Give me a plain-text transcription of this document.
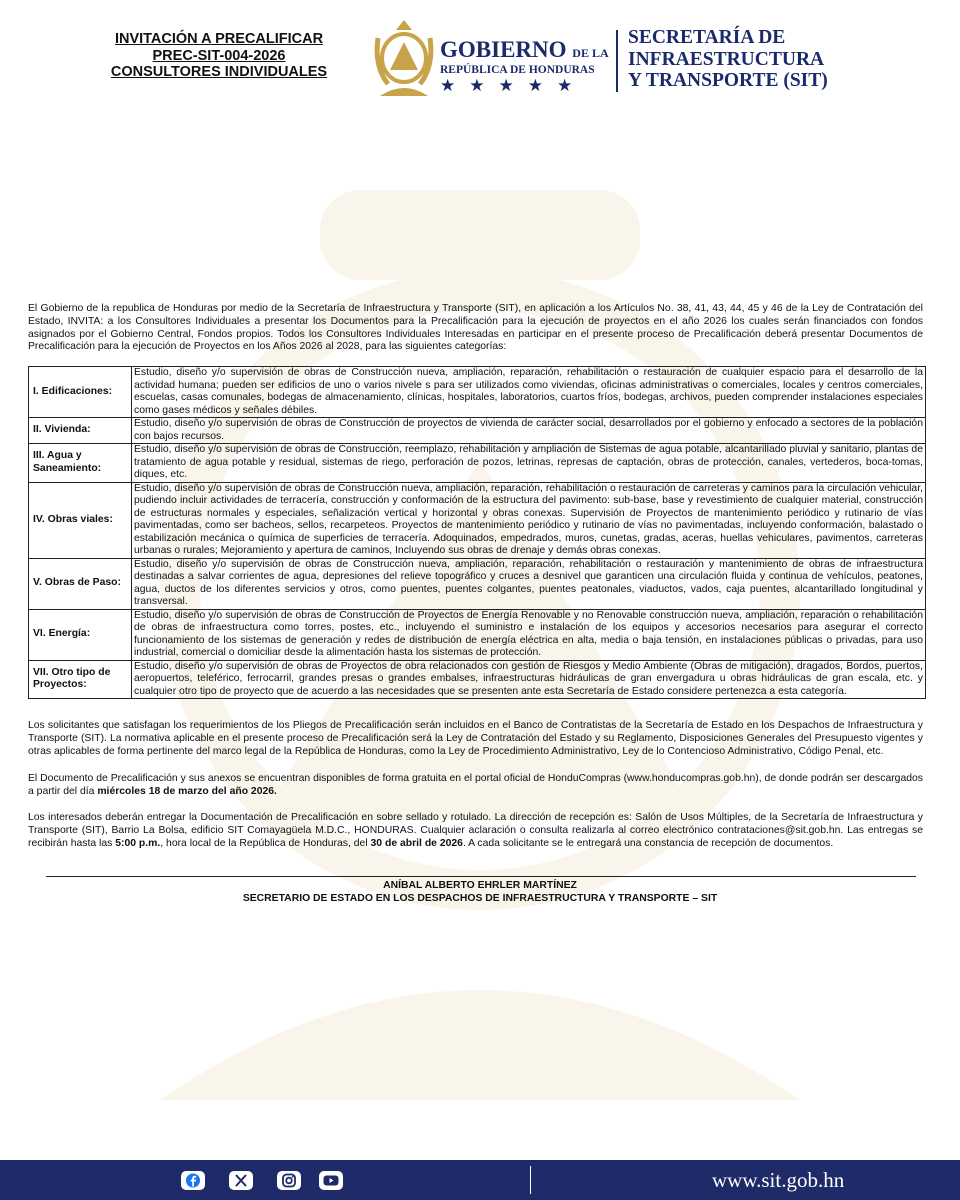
INVITACIÓN A PRECALIFICAR
PREC-SIT-004-2026
CONSULTORES INDIVIDUALES
GOBIERNO DE LA
REPÚBLICA DE HONDURAS
★★★★★
SECRETARÍA DE
INFRAESTRUCTURA
Y TRANSPORTE (SIT)
El Gobierno de la republica de Honduras por medio de la Secretaría de Infraestructura y Transporte (SIT), en aplicación a los Artículos No. 38, 41, 43, 44, 45 y 46 de la Ley de Contratación del Estado, INVITA: a los Consultores Individuales a presentar los Documentos para la Precalificación para la ejecución de proyectos en el año 2026 los cuales serán financiados con fondos asignados por el Gobierno Central, Fondos propios. Todos los Consultores Individuales Interesadas en participar en el presente proceso de Precalificación deberá presentar Documentos de Precalificación para la ejecución de Proyectos en los Años 2026 al 2028, para las siguientes categorías:
I. Edificaciones:	Estudio, diseño y/o supervisión de obras de Construcción nueva, ampliación, reparación, rehabilitación o restauración de cualquier espacio para el desarrollo de la actividad humana; pueden ser edificios de uno o varios nivele s para ser utilizados como viviendas, oficinas administrativas o comerciales, locales y centros comerciales, escuelas, casas comunales, bodegas de almacenamiento, clínicas, hospitales, laboratorios, cuartos fríos, bodegas, archivos, pueden comprender instalaciones especiales como gases médicos y señales débiles.
II. Vivienda:	Estudio, diseño y/o supervisión de obras de Construcción de proyectos de vivienda de carácter social, desarrollados por el gobierno y enfocado a sectores de la población con bajos recursos.
III. Agua y Saneamiento:	Estudio, diseño y/o supervisión de obras de Construcción, reemplazo, rehabilitación y ampliación de Sistemas de agua potable, alcantarillado pluvial y sanitario, plantas de tratamiento de agua potable y residual, sistemas de riego, perforación de pozos, letrinas, represas de captación, obras de protección, canales, vertederos, boca-tomas, diques, etc.
IV. Obras viales:	Estudio, diseño y/o supervisión de obras de Construcción nueva, ampliación, reparación, rehabilitación o restauración de carreteras y caminos para la circulación vehicular, pudiendo incluir actividades de terracería, construcción y conformación de la estructura del pavimento: sub-base, base y revestimiento de cualquier material, construcción de estructuras normales y especiales, señalización vertical y horizontal y obras conexas. Supervisión de Proyectos de mantenimiento periódico y rutinario de vías pavimentadas, como ser bacheos, sellos, recarpeteos. Proyectos de mantenimiento periódico y rutinario de vías no pavimentadas, incluyendo conformación, balastado o estabilización mecánica o química de superficies de terracería. Adoquinados, empedrados, muros, cunetas, gradas, aceras, huellas vehiculares, pavimentos, carreteras urbanas o rurales; Mejoramiento y apertura de caminos, Incluyendo sus obras de drenaje y demás obras conexas.
V. Obras de Paso:	Estudio, diseño y/o supervisión de obras de Construcción nueva, ampliación, reparación, rehabilitación o restauración y mantenimiento de obras de infraestructura destinadas a salvar corrientes de agua, depresiones del relieve topográfico y cruces a desnivel que garanticen una circulación fluida y continua de vehículos, peatones, agua, ductos de los diferentes servicios y otros, como puentes, puentes colgantes, puentes peatonales, viaductos, vados, caja puentes, alcantarillado longitudinal y transversal.
VI. Energía:	Estudio, diseño y/o supervisión de obras de Construcción de Proyectos de Energía Renovable y no Renovable construcción nueva, ampliación, reparación o rehabilitación de obras de infraestructura como torres, postes, etc., incluyendo el suministro e instalación de los equipos y accesorios necesarios para asegurar el correcto funcionamiento de los sistemas de generación y redes de distribución de energía eléctrica en alta, media o baja tensión, en instalaciones públicas o privadas, para uso industrial, comercial o domiciliar desde la alimentación hasta los sistemas de protección.
VII. Otro tipo de Proyectos:	Estudio, diseño y/o supervisión de obras de Proyectos de obra relacionados con gestión de Riesgos y Medio Ambiente (Obras de mitigación), dragados, Bordos, puertos, aeropuertos, teleférico, ferrocarril, grandes presas o grandes embalses, infraestructuras hidráulicas de gran envergadura u obras hidráulicas de gran escala, etc. y cualquier otro tipo de proyecto que de acuerdo a las necesidades que se presenten ante esta Secretaría de Estado considere pertenezca a esta categoría.
Los solicitantes que satisfagan los requerimientos de los Pliegos de Precalificación serán incluidos en el Banco de Contratistas de la Secretaría de Estado en los Despachos de Infraestructura y Transporte (SIT). La normativa aplicable en el presente proceso de Precalificación será la Ley de Contratación del Estado y su Reglamento, Disposiciones Generales del Presupuesto vigentes y otras aplicables de forma pertinente del marco legal de la República de Honduras, como la Ley de Procedimiento Administrativo, Ley de lo Contencioso Administrativo, Código Penal, etc.
El Documento de Precalificación y sus anexos se encuentran disponibles de forma gratuita en el portal oficial de HonduCompras (www.honducompras.gob.hn), de donde podrán ser descargados a partir del día miércoles 18 de marzo del año 2026.
Los interesados deberán entregar la Documentación de Precalificación en sobre sellado y rotulado. La dirección de recepción es: Salón de Usos Múltiples, de la Secretaría de Infraestructura y Transporte (SIT), Barrio La Bolsa, edificio SIT Comayagüela M.D.C., HONDURAS. Cualquier aclaración o consulta realizarla al correo electrónico contrataciones@sit.gob.hn. Las entregas se recibirán hasta las 5:00 p.m., hora local de la República de Honduras, del 30 de abril de 2026. A cada solicitante se le entregará una constancia de recepción de documentos.
ANÍBAL ALBERTO EHRLER MARTÍNEZ
SECRETARIO DE ESTADO EN LOS DESPACHOS DE INFRAESTRUCTURA Y TRANSPORTE – SIT
www.sit.gob.hn
